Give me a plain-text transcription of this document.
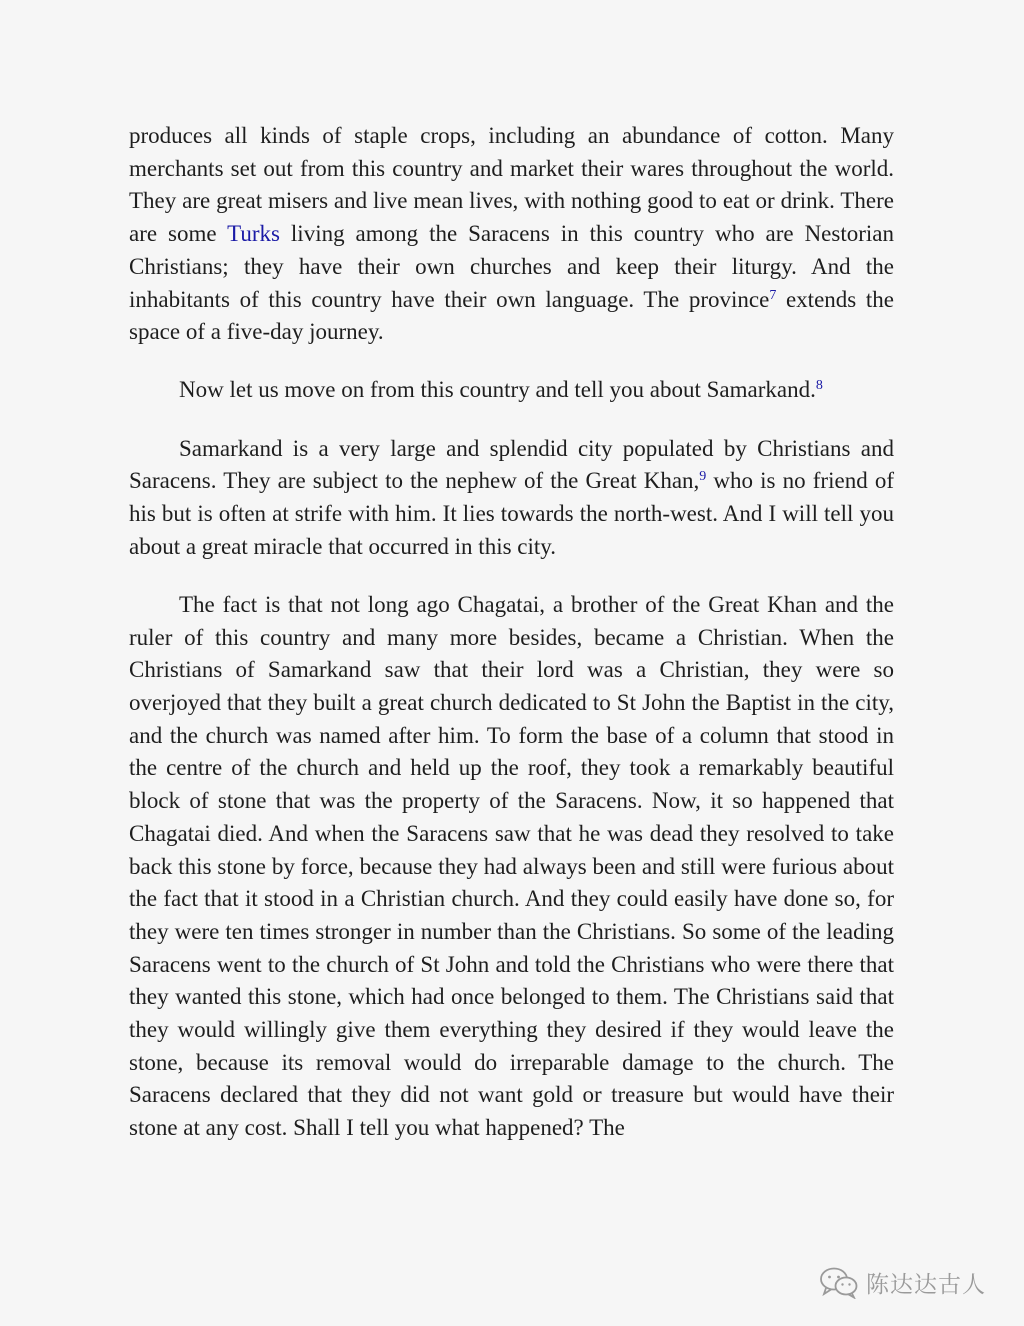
produces all kinds of staple crops, including an abundance of cotton. Many merchants set out from this country and market their wares throughout the world. They are great misers and live mean lives, with nothing good to eat or drink. There are some Turks living among the Saracens in this country who are Nestorian Christians; they have their own churches and keep their liturgy. And the inhabitants of this country have their own language. The province$^7$ extends the space of a five-day journey.

Now let us move on from this country and tell you about Samarkand.$^8$

Samarkand is a very large and splendid city populated by Christians and Saracens. They are subject to the nephew of the Great Khan,$^9$ who is no friend of his but is often at strife with him. It lies towards the north-west. And I will tell you about a great miracle that occurred in this city.

The fact is that not long ago Chagatai, a brother of the Great Khan and the ruler of this country and many more besides, became a Christian. When the Christians of Samarkand saw that their lord was a Christian, they were so overjoyed that they built a great church dedicated to St John the Baptist in the city, and the church was named after him. To form the base of a column that stood in the centre of the church and held up the roof, they took a remarkably beautiful block of stone that was the property of the Saracens. Now, it so happened that Chagatai died. And when the Saracens saw that he was dead they resolved to take back this stone by force, because they had always been and still were furious about the fact that it stood in a Christian church. And they could easily have done so, for they were ten times stronger in number than the Christians. So some of the leading Saracens went to the church of St John and told the Christians who were there that they wanted this stone, which had once belonged to them. The Christians said that they would willingly give them everything they desired if they would leave the stone, because its removal would do irreparable damage to the church. The Saracens declared that they did not want gold or treasure but would have their stone at any cost. Shall I tell you what happened? The

陈达达古人
